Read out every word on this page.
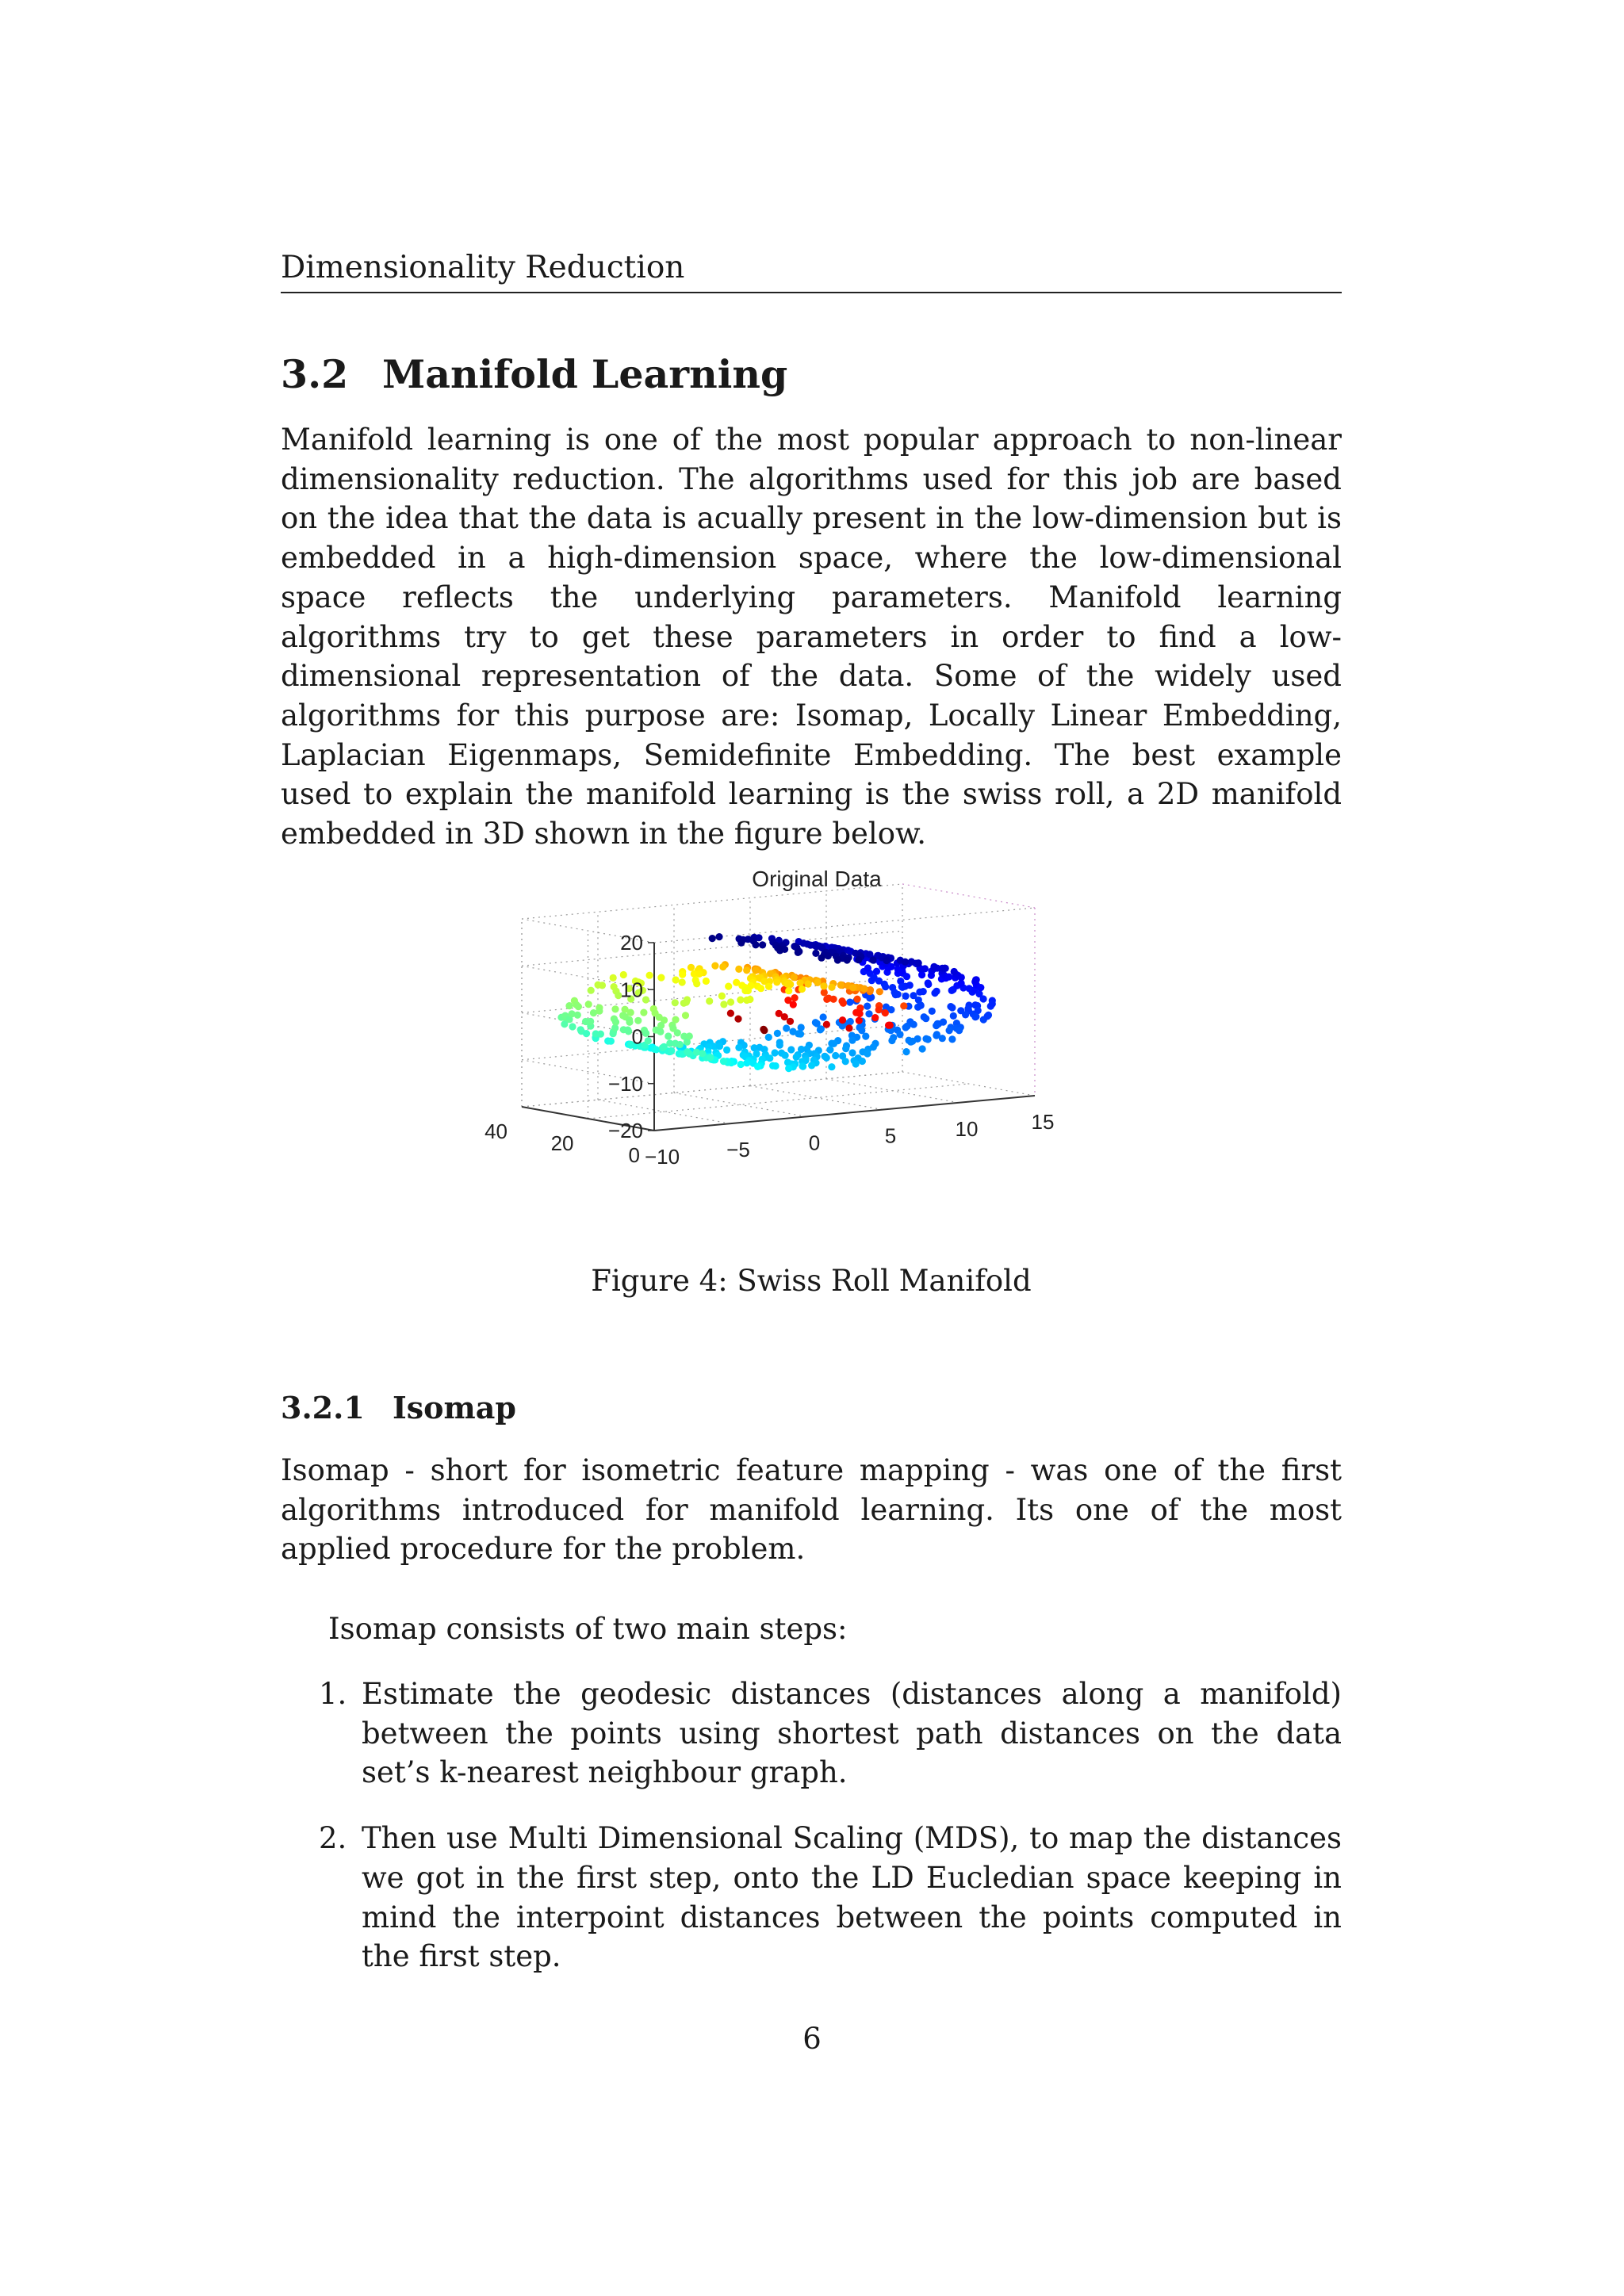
Dimensionality Reduction
3.2 Manifold Learning

Manifold learning is one of the most popular approach to non-linear dimensionality reduction. The algorithms used for this job are based on the idea that the data is acually present in the low-dimension but is embedded in a high-dimension space, where the low-dimensional space reflects the underlying parameters. Manifold learning algorithms try to get these parameters in order to find a low-dimensional representation of the data. Some of the widely used algorithms for this purpose are: Isomap, Locally Linear Embedding, Laplacian Eigenmaps, Semidefinite Embedding. The best example used to explain the manifold learning is the swiss roll, a 2D manifold embedded in 3D shown in the figure below.

Original Data
20
10
0
−10
−20
40 20	0 −10 −5	0	5	10	15

Figure 4: Swiss Roll Manifold

3.2.1 Isomap

Isomap - short for isometric feature mapping - was one of the first algorithms introduced for manifold learning. Its one of the most applied procedure for the problem.

Isomap consists of two main steps:

1. Estimate the geodesic distances (distances along a manifold) between the points using shortest path distances on the data set’s k-nearest neighbour graph.
2. Then use Multi Dimensional Scaling (MDS), to map the distances we got in the first step, onto the LD Eucledian space keeping in mind the interpoint distances between the points computed in the first step.

6
